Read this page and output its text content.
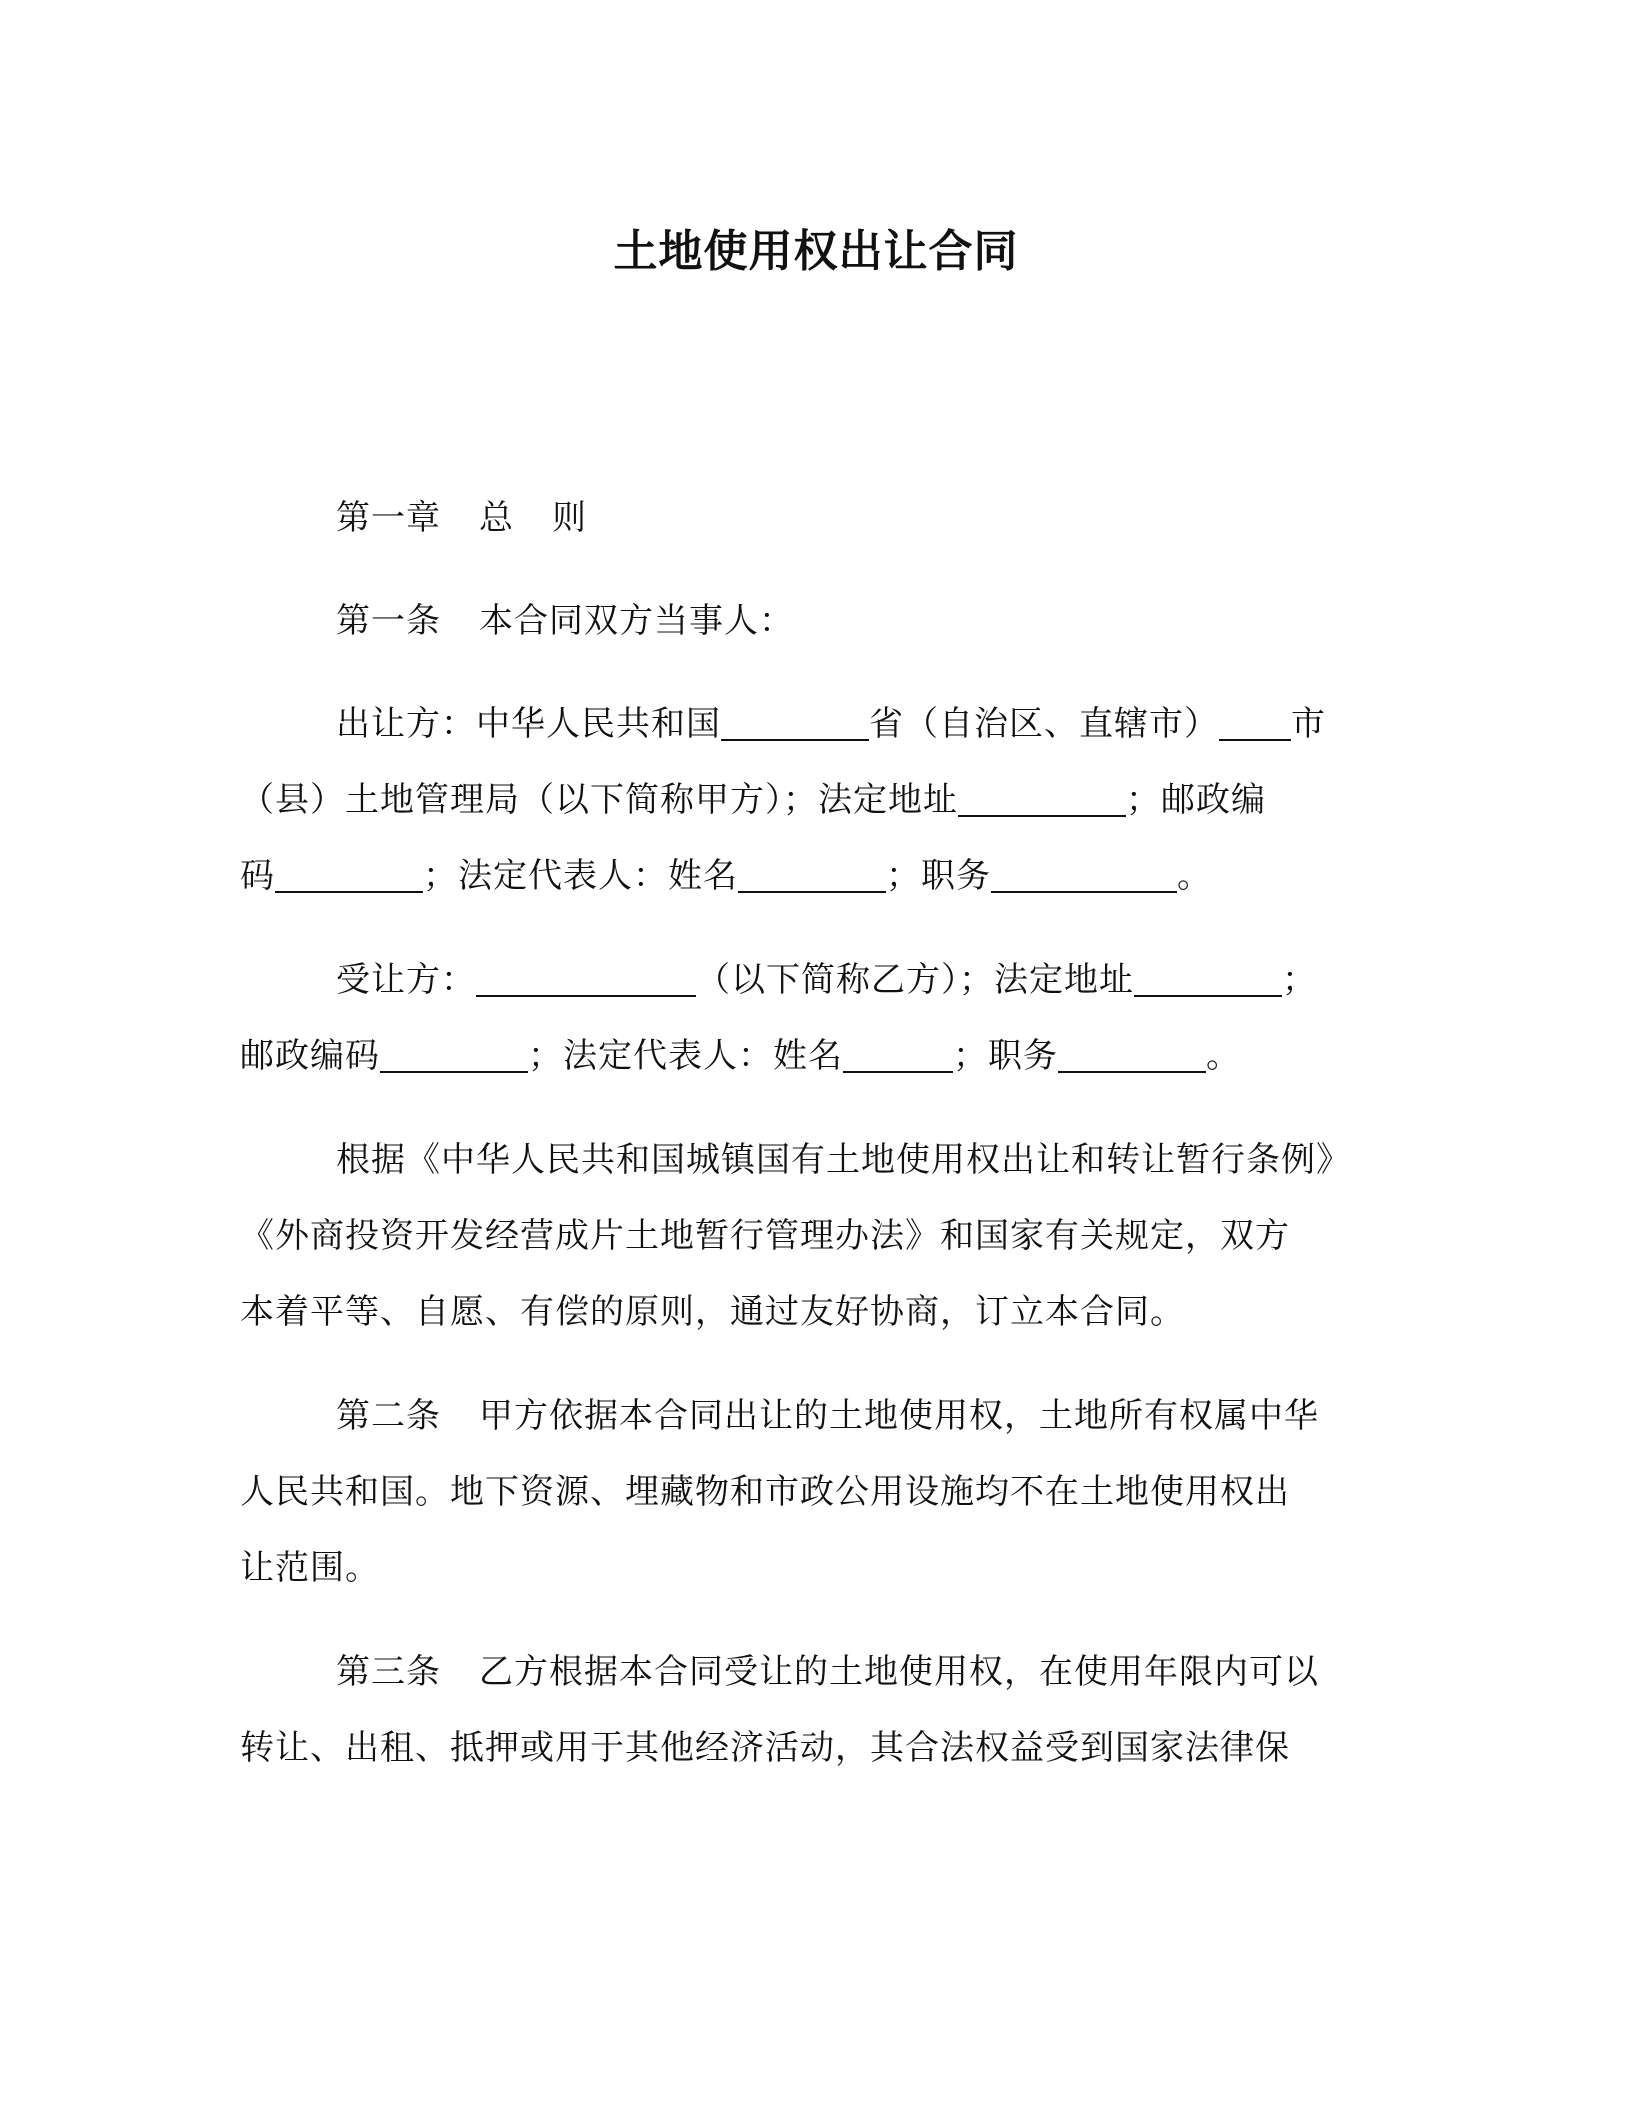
土地使用权出让合同
第一章 总 则
第一条 本合同双方当事人：
出让方：中华人民共和国	省（自治区、直辖市） 市
（县）土地管理局（以下简称甲方）；法定地址	；邮政编
码	；法定代表人：姓名	；职务	。
受让方：	（以下简称乙方）；法定地址	；
邮政编码	；法定代表人：姓名	；职务	。
根据《中华人民共和国城镇国有土地使用权出让和转让暂行条例》
《外商投资开发经营成片土地暂行管理办法》和国家有关规定，双方
本着平等、自愿、有偿的原则，通过友好协商，订立本合同。
第二条 甲方依据本合同出让的土地使用权，土地所有权属中华
人民共和国。地下资源、埋藏物和市政公用设施均不在土地使用权出
让范围。
第三条 乙方根据本合同受让的土地使用权，在使用年限内可以
转让、出租、抵押或用于其他经济活动，其合法权益受到国家法律保
